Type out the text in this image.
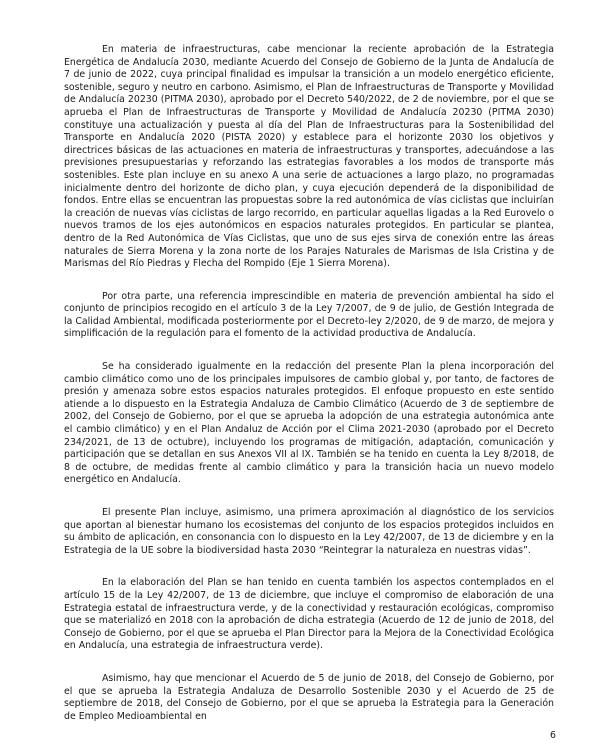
En materia de infraestructuras, cabe mencionar la reciente aprobación de la Estrategia Energética de Andalucía 2030, mediante Acuerdo del Consejo de Gobierno de la Junta de Andalucía de 7 de junio de 2022, cuya principal finalidad es impulsar la transición a un modelo energético eficiente, sostenible, seguro y neutro en carbono. Asimismo, el Plan de Infraestructuras de Transporte y Movilidad de Andalucía 20230 (PITMA 2030), aprobado por el Decreto 540/2022, de 2 de noviembre, por el que se aprueba el Plan de Infraestructuras de Transporte y Movilidad de Andalucía 20230 (PITMA 2030) constituye una actualización y puesta al día del Plan de Infraestructuras para la Sostenibilidad del Transporte en Andalucía 2020 (PISTA 2020) y establece para el horizonte 2030 los objetivos y directrices básicas de las actuaciones en materia de infraestructuras y transportes, adecuándose a las previsiones presupuestarias y reforzando las estrategias favorables a los modos de transporte más sostenibles. Este plan incluye en su anexo A una serie de actuaciones a largo plazo, no programadas inicialmente dentro del horizonte de dicho plan, y cuya ejecución dependerá de la disponibilidad de fondos. Entre ellas se encuentran las propuestas sobre la red autonómica de vías ciclistas que incluirían la creación de nuevas vías ciclistas de largo recorrido, en particular aquellas ligadas a la Red Eurovelo o nuevos tramos de los ejes autonómicos en espacios naturales protegidos. En particular se plantea, dentro de la Red Autonómica de Vías Ciclistas, que uno de sus ejes sirva de conexión entre las áreas naturales de Sierra Morena y la zona norte de los Parajes Naturales de Marismas de Isla Cristina y de Marismas del Río Piedras y Flecha del Rompido (Eje 1 Sierra Morena).

Por otra parte, una referencia imprescindible en materia de prevención ambiental ha sido el conjunto de principios recogido en el artículo 3 de la Ley 7/2007, de 9 de julio, de Gestión Integrada de la Calidad Ambiental, modificada posteriormente por el Decreto-ley 2/2020, de 9 de marzo, de mejora y simplificación de la regulación para el fomento de la actividad productiva de Andalucía.

Se ha considerado igualmente en la redacción del presente Plan la plena incorporación del cambio climático como uno de los principales impulsores de cambio global y, por tanto, de factores de presión y amenaza sobre estos espacios naturales protegidos. El enfoque propuesto en este sentido atiende a lo dispuesto en la Estrategia Andaluza de Cambio Climático (Acuerdo de 3 de septiembre de 2002, del Consejo de Gobierno, por el que se aprueba la adopción de una estrategia autonómica ante el cambio climático) y en el Plan Andaluz de Acción por el Clima 2021-2030 (aprobado por el Decreto 234/2021, de 13 de octubre), incluyendo los programas de mitigación, adaptación, comunicación y participación que se detallan en sus Anexos VII al IX. También se ha tenido en cuenta la Ley 8/2018, de 8 de octubre, de medidas frente al cambio climático y para la transición hacia un nuevo modelo energético en Andalucía.

El presente Plan incluye, asimismo, una primera aproximación al diagnóstico de los servicios que aportan al bienestar humano los ecosistemas del conjunto de los espacios protegidos incluidos en su ámbito de aplicación, en consonancia con lo dispuesto en la Ley 42/2007, de 13 de diciembre y en la Estrategia de la UE sobre la biodiversidad hasta 2030 “Reintegrar la naturaleza en nuestras vidas”.

En la elaboración del Plan se han tenido en cuenta también los aspectos contemplados en el artículo 15 de la Ley 42/2007, de 13 de diciembre, que incluye el compromiso de elaboración de una Estrategia estatal de infraestructura verde, y de la conectividad y restauración ecológicas, compromiso que se materializó en 2018 con la aprobación de dicha estrategia (Acuerdo de 12 de junio de 2018, del Consejo de Gobierno, por el que se aprueba el Plan Director para la Mejora de la Conectividad Ecológica en Andalucía, una estrategia de infraestructura verde).

Asimismo, hay que mencionar el Acuerdo de 5 de junio de 2018, del Consejo de Gobierno, por el que se aprueba la Estrategia Andaluza de Desarrollo Sostenible 2030 y el Acuerdo de 25 de septiembre de 2018, del Consejo de Gobierno, por el que se aprueba la Estrategia para la Generación de Empleo Medioambiental en

6
